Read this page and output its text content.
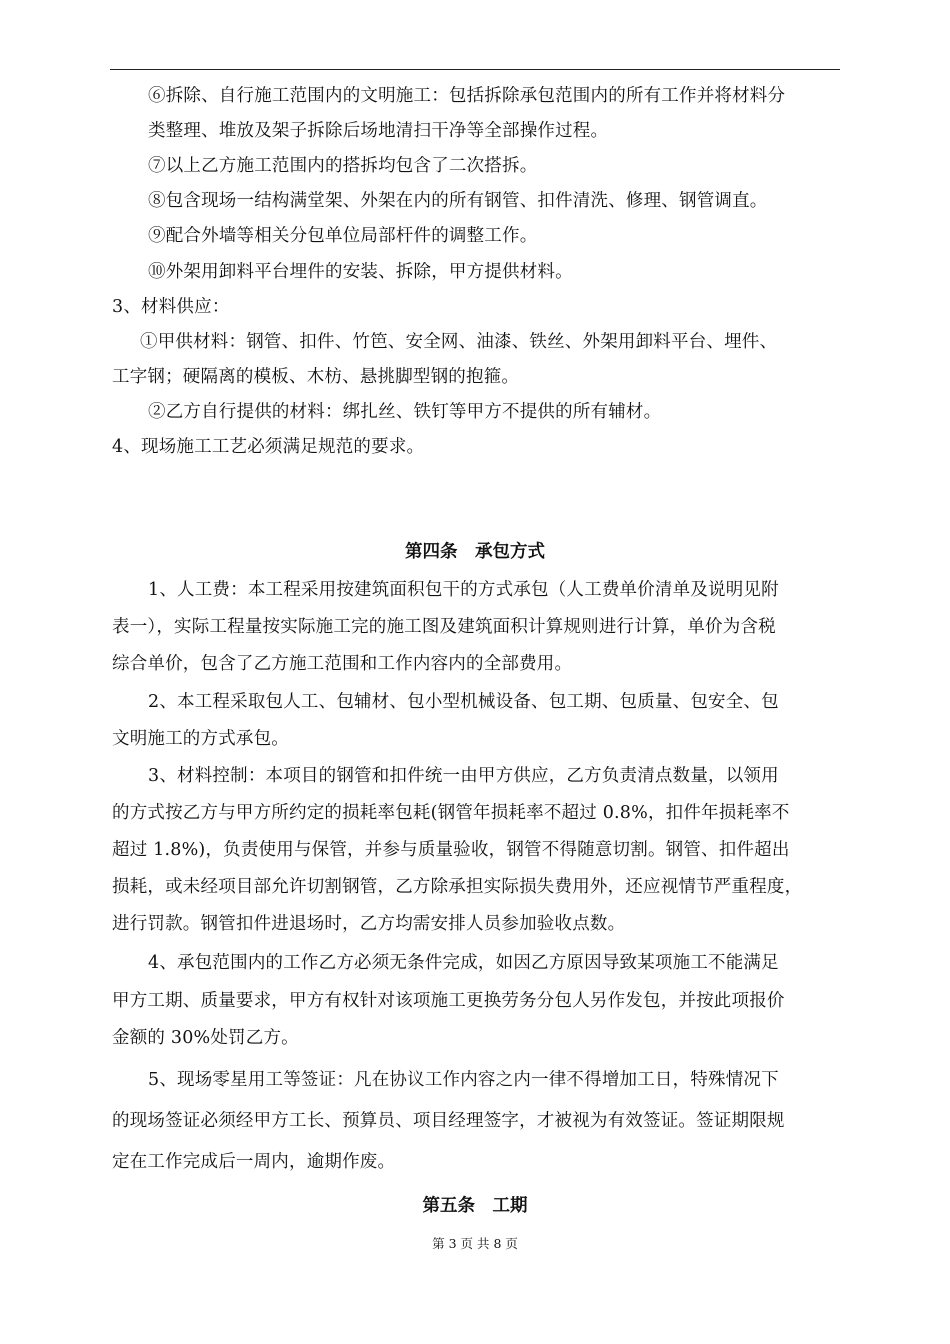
⑥拆除、自行施工范围内的文明施工：包括拆除承包范围内的所有工作并将材料分
类整理、堆放及架子拆除后场地清扫干净等全部操作过程。
⑦以上乙方施工范围内的搭拆均包含了二次搭拆。
⑧包含现场一结构满堂架、外架在内的所有钢管、扣件清洗、修理、钢管调直。
⑨配合外墙等相关分包单位局部杆件的调整工作。
⑩外架用卸料平台埋件的安装、拆除，甲方提供材料。
3、材料供应：
①甲供材料：钢管、扣件、竹笆、安全网、油漆、铁丝、外架用卸料平台、埋件、
工字钢；硬隔离的模板、木枋、悬挑脚型钢的抱箍。
②乙方自行提供的材料：绑扎丝、铁钉等甲方不提供的所有辅材。
4、现场施工工艺必须满足规范的要求。
第四条　承包方式
1、人工费：本工程采用按建筑面积包干的方式承包（人工费单价清单及说明见附
表一），实际工程量按实际施工完的施工图及建筑面积计算规则进行计算，单价为含税
综合单价，包含了乙方施工范围和工作内容内的全部费用。
2、本工程采取包人工、包辅材、包小型机械设备、包工期、包质量、包安全、包
文明施工的方式承包。
3、材料控制：本项目的钢管和扣件统一由甲方供应，乙方负责清点数量，以领用
的方式按乙方与甲方所约定的损耗率包耗(钢管年损耗率不超过 0.8%，扣件年损耗率不
超过 1.8%)，负责使用与保管，并参与质量验收，钢管不得随意切割。钢管、扣件超出
损耗，或未经项目部允许切割钢管，乙方除承担实际损失费用外，还应视情节严重程度，
进行罚款。钢管扣件进退场时，乙方均需安排人员参加验收点数。
4、承包范围内的工作乙方必须无条件完成，如因乙方原因导致某项施工不能满足
甲方工期、质量要求，甲方有权针对该项施工更换劳务分包人另作发包，并按此项报价
金额的 30%处罚乙方。
5、现场零星用工等签证：凡在协议工作内容之内一律不得增加工日，特殊情况下
的现场签证必须经甲方工长、预算员、项目经理签字，才被视为有效签证。签证期限规
定在工作完成后一周内，逾期作废。
第五条　工期
第 3 页 共 8 页
